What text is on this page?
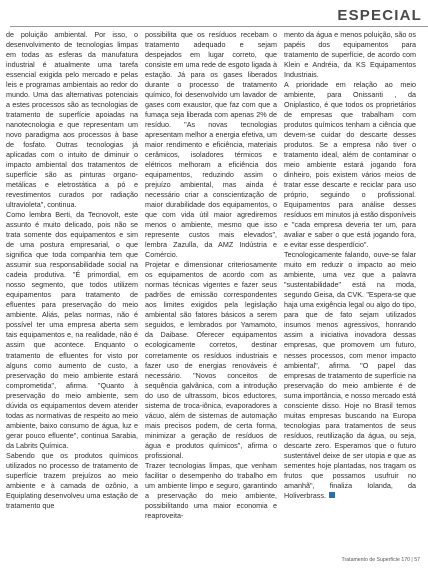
ESPECIAL

de poluição ambiental. Por isso, o desenvolvimento de tecnologias limpas em todas as esferas da manufatura industrial é atualmente uma tarefa essencial exigida pelo mercado e pelas leis e programas ambientais ao redor do mundo. Uma das alternativas potenciais a estes processos são as tecnologias de tratamento de superfície apoiadas na nanotecnologia e que representam um novo paradigma aos processos à base de fosfato. Outras tecnologias já aplicadas com o intuito de diminuir o impacto ambiental dos tratamentos de superfície são as pinturas organo-metálicas e eletrostática a pó e revestimentos curados por radiação ultravioleta", continua.

Como lembra Berti, da Tecnovolt, este assunto é muito delicado, pois não se trata somente dos equipamentos e sim de uma postura empresarial, o que significa que toda companhia tem que assumir sua responsabilidade social na cadeia produtiva. "É primordial, em nosso segmento, que todos utilizem equipamentos para tratamento de efluentes para preservação do meio ambiente. Aliás, pelas normas, não é possível ter uma empresa aberta sem tais equipamentos e, na realidade, não é assim que acontece. Enquanto o tratamento de efluentes for visto por alguns como aumento de custo, a preservação do meio ambiente estará comprometida", afirma. "Quanto à preservação do meio ambiente, sem dúvida os equipamentos devem atender todas as normativas de respeito ao meio ambiente, baixo consumo de água, luz e gerar pouco efluente", continua Sarabia, da Labrits Química.

Sabendo que os produtos químicos utilizados no processo de tratamento de superfície trazem prejuízos ao meio ambiente e à camada de ozônio, a Equiplating desenvolveu uma estação de tratamento que

possibilita que os resíduos recebam o tratamento adequado e sejam despejados em lugar correto, que consiste em uma rede de esgoto ligada à estação. Já para os gases liberados durante o processo de tratamento químico, foi desenvolvido um lavador de gases com exaustor, que faz com que a fumaça seja liberada com apenas 2% de resíduo. "As novas tecnologias apresentam melhor a energia efetiva, um maior rendimento e eficiência, materiais cerâmicos, isoladores térmicos e elétricos melhoram a eficiência dos equipamentos, reduzindo assim o prejuízo ambiental, mas ainda é necessário criar a conscientização de maior durabilidade dos equipamentos, o que com vida útil maior agrediremos menos o ambiente, mesmo que isso represente custos mais elevados", lembra Zazulla, da AMZ Indústria e Comércio.

Projetar e dimensionar criteriosamente os equipamentos de acordo com as normas técnicas vigentes e fazer seus padrões de emissão correspondentes aos limites exigidos pela legislação ambiental são fatores básicos a serem seguidos, e lembrados por Yamamoto, da Daibase. Oferecer equipamentos ecologicamente corretos, destinar corretamente os resíduos industriais e fazer uso de energias renováveis é necessário. "Novos conceitos de sequência galvânica, com a introdução do uso de ultrassom, bicos eductores, sistema de troca-iônica, evaporadores a vácuo, além de sistemas de automação mais precisos podem, de certa forma, minimizar a geração de resíduos de água e produtos químicos", afirma o profissional.

Trazer tecnologias limpas, que venham facilitar o desempenho do trabalho em um ambiente limpo e seguro, garantindo a preservação do meio ambiente, possibilitando uma maior economia e reaproveita-

mento da água e menos poluição, são os papéis dos equipamentos para tratamento de superfície, de acordo com Klein e Andréia, da KS Equipamentos Industriais.

A prioridade em relação ao meio ambiente, para Onissanti , da Oniplastico, é que todos os proprietários de empresas que trabalham com produtos químicos tenham a ciência que devem-se cuidar do descarte desses produtos. Se a empresa não tiver o tratamento ideal, além de contaminar o meio ambiente estará jogando fora dinheiro, pois existem vários meios de tratar esse descarte e reciclar para uso próprio, seguindo o profissional. Equipamentos para análise desses resíduos em minutos já estão disponíveis e "cada empresa deveria ter um, para avaliar e saber o que está jogando fora, e evitar esse desperdício".

Tecnologicamente falando, ouve-se falar muito em reduzir o impacto ao meio ambiente, uma vez que a palavra "sustentabilidade" está na moda, segundo Geisa, da CVK. "Espera-se que haja uma exigência legal ou algo do tipo, para que de fato sejam utilizados insumos menos agressivos, honrando assim a iniciativa inovadora dessas empresas, que promovem um futuro, nesses processos, com menor impacto ambiental", afirma. "O papel das empresas de tratamento de superfície na preservação do meio ambiente é de suma importância, e nosso mercado está consciente disso. Hoje no Brasil temos muitas empresas buscando na Europa tecnologias para tratamentos de seus resíduos, reutilização da água, ou seja, descarte zero. Esperamos que o futuro sustentável deixe de ser utopia e que as sementes hoje plantadas, nos tragam os frutos que possamos usufruir no amanhã", finaliza Iolanda, da Holiverbrass.

Tratamento de Superfície 170 | 57
